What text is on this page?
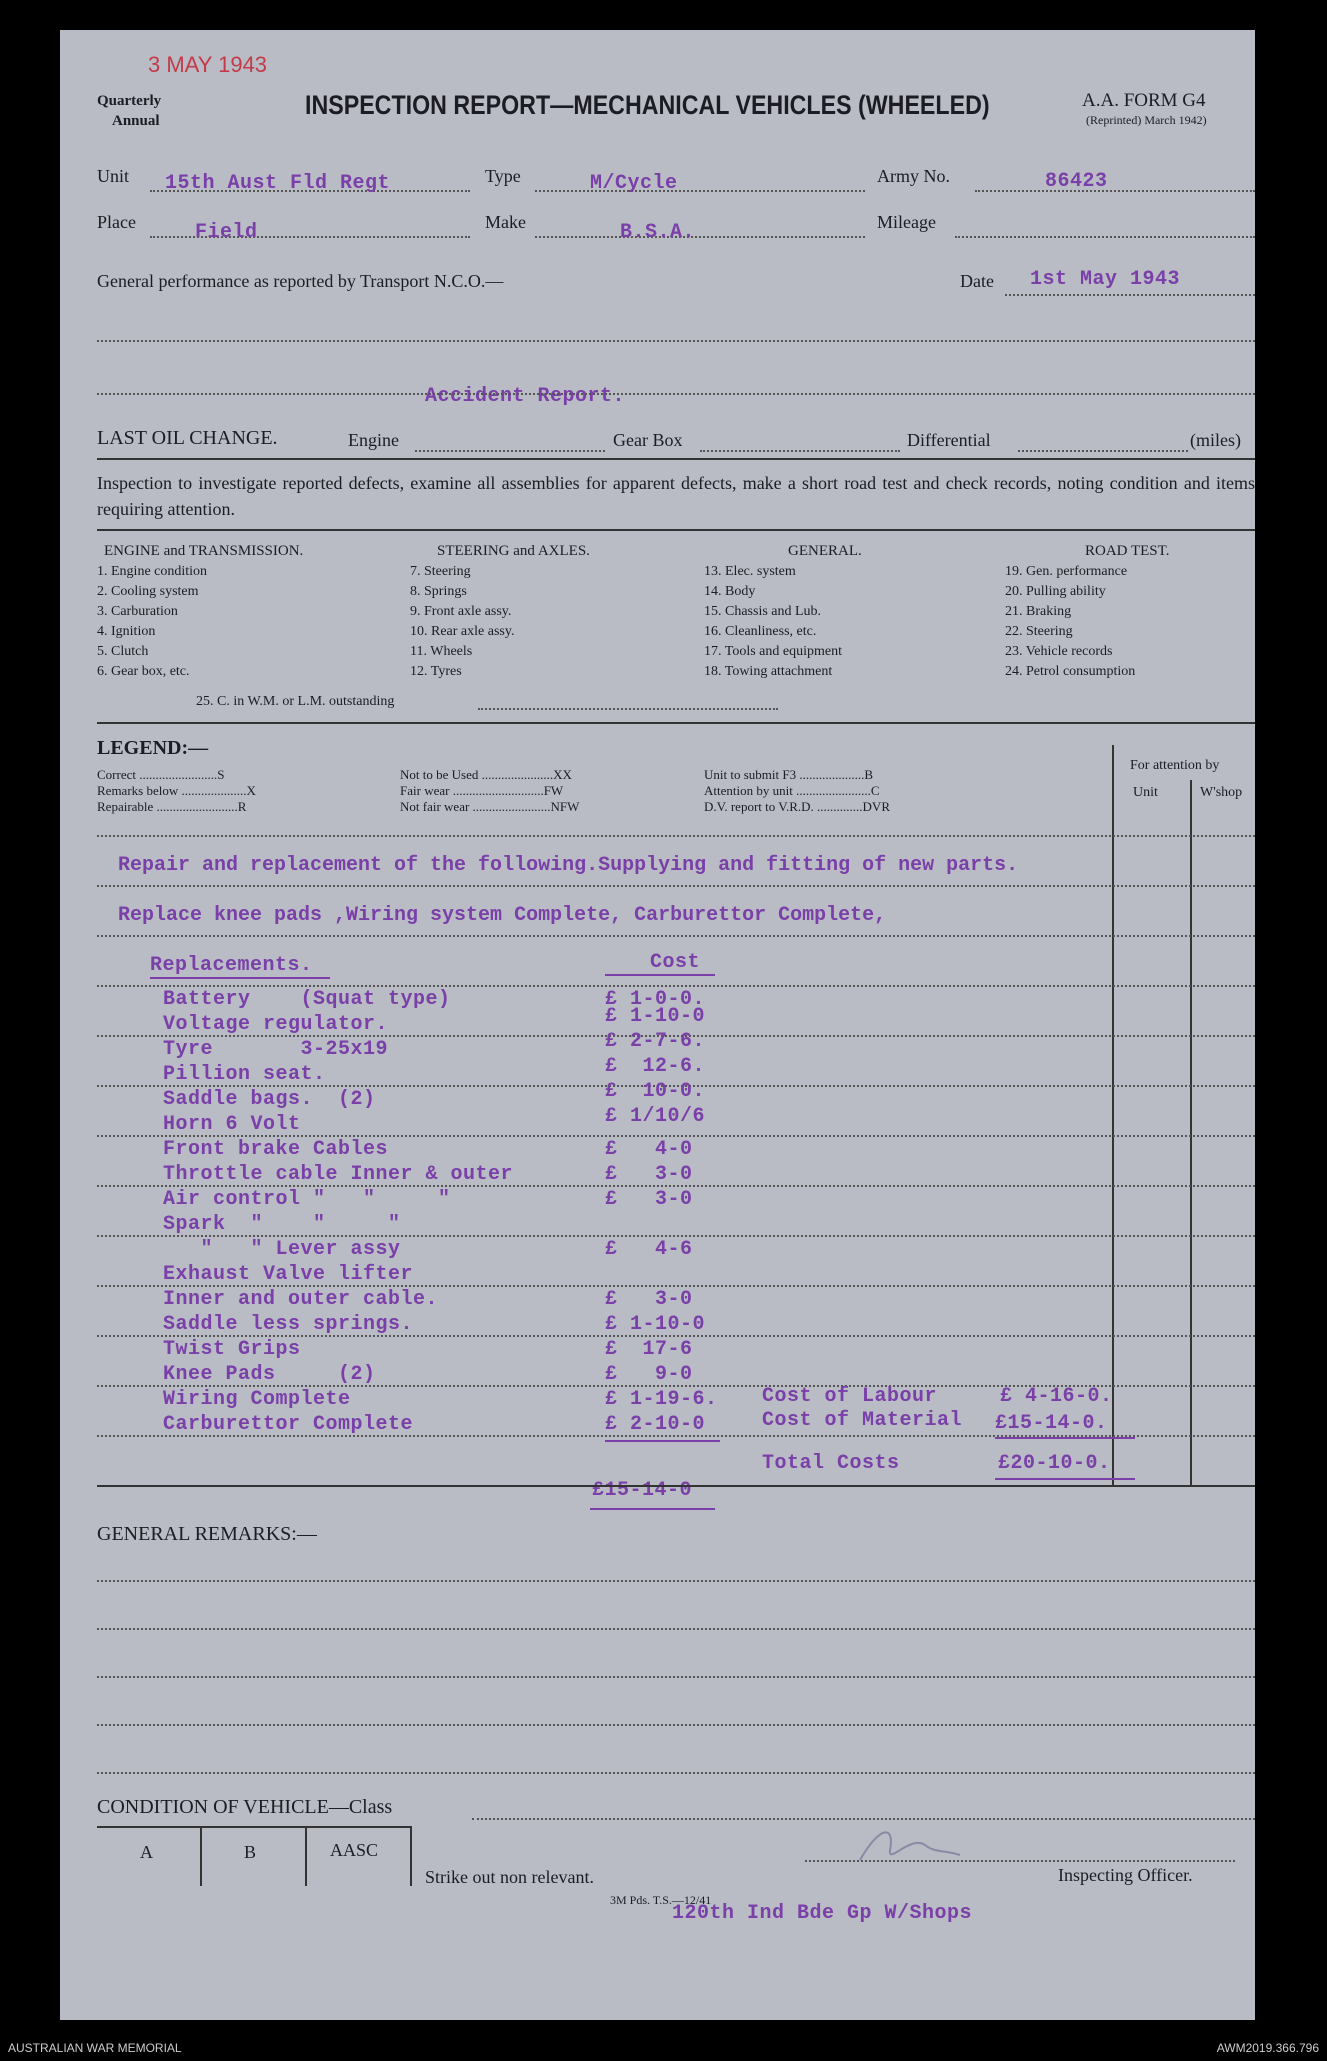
3 MAY 1943
Quarterly
Annual
INSPECTION REPORT—MECHANICAL VEHICLES (WHEELED)	A.A. FORM G4
(Reprinted) March 1942)
Unit 15th Aust Fld Regt	Type	M/Cycle	Army No.	86423
Place	Field	Make	B.S.A.	Mileage
General performance as reported by Transport N.C.O.—	Date 1st May 1943
Accident Report.
LAST OIL CHANGE.	Engine	Gear Box	Differential	(miles)
Inspection to investigate reported defects, examine all assemblies for apparent defects, make a short road test and check records, noting condition and items requiring attention.
ENGINE and TRANSMISSION.	STEERING and AXLES.	GENERAL.	ROAD TEST.
1. Engine condition
2. Cooling system
3. Carburation
4. Ignition
5. Clutch
6. Gear box, etc.
7. Steering
8. Springs
9. Front axle assy.
10. Rear axle assy.
11. Wheels
12. Tyres
13. Elec. system
14. Body
15. Chassis and Lub.
16. Cleanliness, etc.
17. Tools and equipment
18. Towing attachment
19. Gen. performance
20. Pulling ability
21. Braking
22. Steering
23. Vehicle records
24. Petrol consumption
25. C. in W.M. or L.M. outstanding
LEGEND:—
Correct ........................S
Remarks below ....................X
Repairable .........................R
Not to be Used ......................XX
Fair wear ............................FW
Not fair wear ........................NFW
Unit to submit F3 ....................B
Attention by unit .......................C
D.V. report to V.R.D. ..............DVR
For attention by
Unit	W'shop
Repair and replacement of the following.Supplying and fitting of new parts.
Replace knee pads ,Wiring system Complete, Carburettor Complete,
Replacements.	Cost
Battery    (Squat type)	£ 1-0-0.
Voltage regulator.	£ 1-10-0
Tyre       3-25x19	£ 2-7-6.
Pillion seat.	£  12-6.
Saddle bags.  (2)	£  10-0.
Horn 6 Volt	£ 1/10/6
Front brake Cables	£   4-0
Throttle cable Inner & outer	£   3-0
Air control "   "     "	£   3-0
Spark  "    "     "
"   " Lever assy	£   4-6
Exhaust Valve lifter
Inner and outer cable.	£   3-0
Saddle less springs.	£ 1-10-0
Twist Grips	£  17-6
Knee Pads     (2)	£   9-0
Wiring Complete	£ 1-19-6.
Carburettor Complete	£ 2-10-0
£15-14-0
Cost of Labour	£ 4-16-0.
Cost of Material £15-14-0.
Total Costs	£20-10-0.
GENERAL REMARKS:—
CONDITION OF VEHICLE—Class
A	B	AASC
Strike out non relevant.	Inspecting Officer.
3M Pds. T.S.—12/41
120th Ind Bde Gp W/Shops
AUSTRALIAN WAR MEMORIAL	AWM2019.366.796
